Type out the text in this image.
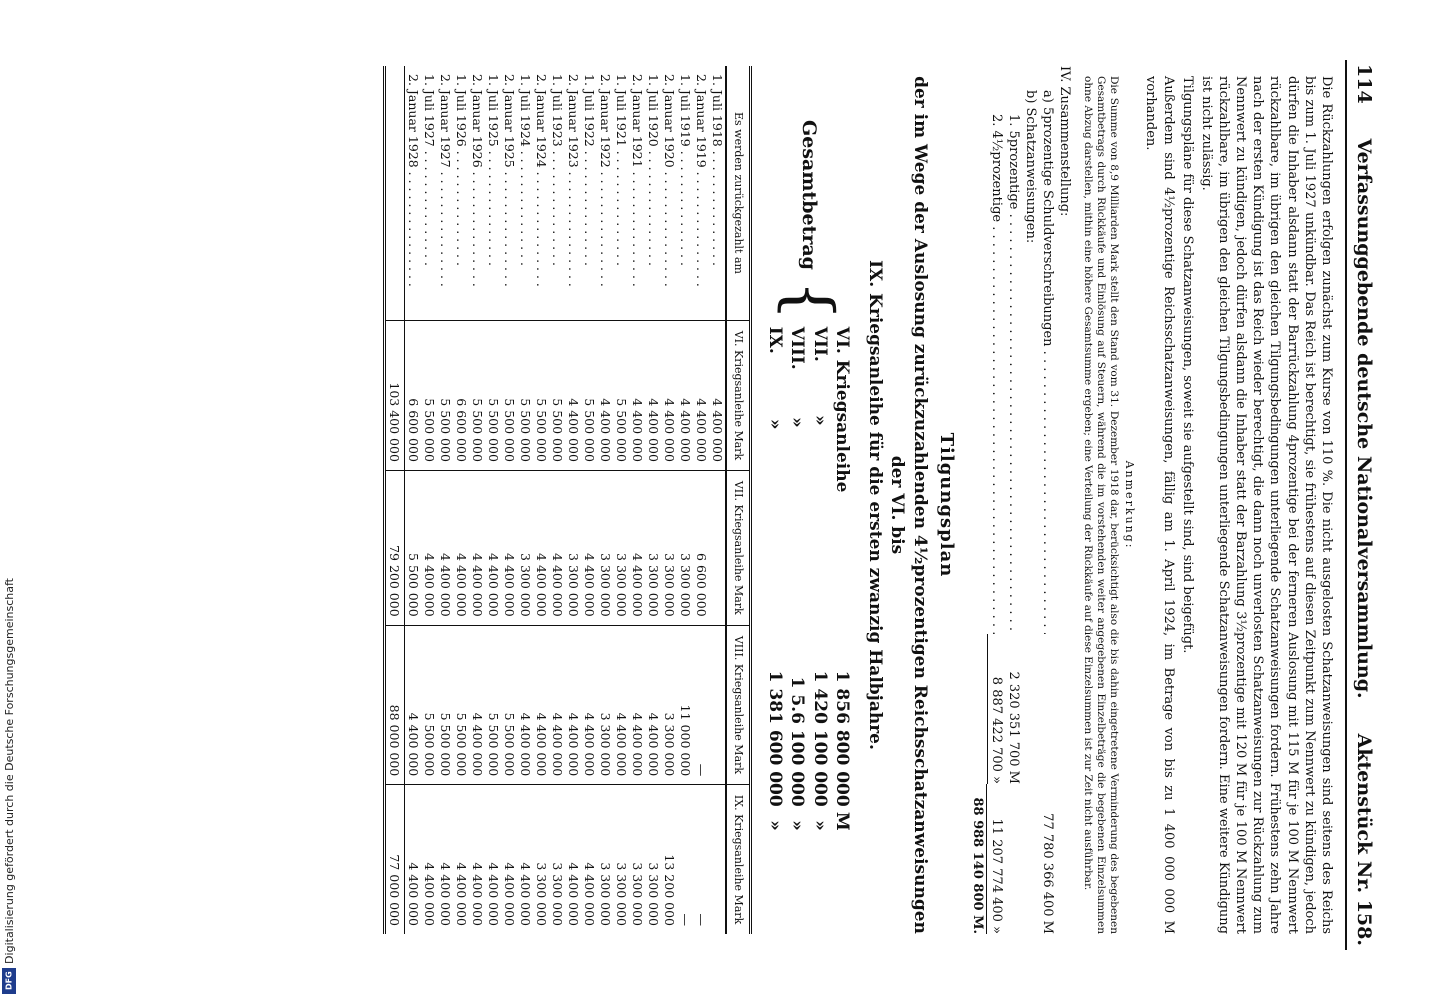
Digitalisierung gefördert durch die Deutsche Forschungsgemeinschaft
DFG
114
Verfassunggebende deutsche Nationalversammlung.
Aktenstück Nr. 158.

Die Rückzahlungen erfolgen zunächst zum Kurse von 110 %. Die nicht ausgelosten Schatzanweisungen sind seitens des Reichs bis zum 1. Juli 1927 unkündbar. Das Reich ist berechtigt, sie frühestens auf diesen Zeitpunkt zum Nennwert zu kündigen, jedoch dürfen die Inhaber alsdann statt der Barrückzahlung 4prozentige bei der ferneren Auslosung mit 115 M für je 100 M Nennwert rückzahlbare, im übrigen den gleichen Tilgungsbedingungen unterliegende Schatzanweisungen fordern. Frühestens zehn Jahre nach der ersten Kündigung ist das Reich wieder berechtigt, die dann noch unverlosten Schatzanweisungen zur Rückzahlung zum Nennwert zu kündigen, jedoch dürfen alsdann die Inhaber statt der Barzahlung 3½prozentige mit 120 M für je 100 M Nennwert rückzahlbare, im übrigen den gleichen Tilgungsbedingungen unterliegende Schatzanweisungen fordern. Eine weitere Kündigung ist nicht zulässig.

Tilgungspläne für diese Schatzanweisungen, soweit sie aufgestellt sind, sind beigefügt.

Außerdem sind 4½prozentige Reichsschatzanweisungen, fällig am 1. April 1924, im Betrage von bis zu 1 400 000 000 M vorhanden.

Anmerkung:

Die Summe von 8,9 Milliarden Mark stellt den Stand vom 31. Dezember 1918 dar, berücksichtigt also die bis dahin eingetretene Verminderung des begebenen Gesamtbetrags durch Rückkäufe und Einlösung auf Steuern, während die im vorstehenden weiter angegebenen Einzelbeträge die begebenen Einzelsummen ohne Abzug darstellen, mithin eine höhere Gesamtsumme ergeben; eine Verteilung der Rückkäufe auf diese Einzelsummen ist zur Zeit nicht ausführbar.

IV. Zusammenstellung:
a) 5prozentige Schuldverschreibungen . . .
77 780 366 400 M
b) Schatzanweisungen:
1. 5prozentige . . .
2 320 351 700 M
2. 4½prozentige . . .
8 887 422 700 »
11 207 774 400 »
88 988 140 800 M.
Tilgungsplan
der im Wege der Auslosung zurückzuzahlenden 4½prozentigen Reichsschatzanweisungen der VI. bis
IX. Kriegsanleihe für die ersten zwanzig Halbjahre.
Gesamtbetrag
{
VI. Kriegsanleihe
1 856 800 000
M
VII.         »
1 420 100 000
»
VIII.        »
1 5.6 100 000
»
IX.           »
1 381 600 000
»
Es werden zurückgezahlt am	VI. Kriegsanleihe Mark	VII. Kriegsanleihe Mark	VIII. Kriegsanleihe Mark	IX. Kriegsanleihe Mark
1. Juli 1918 . . .	4 400 000			
2. Januar 1919 . . .	4 400 000	6 600 000	—	—
1. Juli 1919 . . .	4 400 000	3 300 000	11 000 000	—
2. Januar 1920 . . .	4 400 000	3 300 000	3 300 000	13 200 000
1. Juli 1920 . . .	4 400 000	3 300 000	4 400 000	3 300 000
2. Januar 1921 . . .	4 400 000	4 400 000	4 400 000	3 300 000
1. Juli 1921 . . .	5 500 000	3 300 000	4 400 000	3 300 000
2. Januar 1922 . . .	4 400 000	3 300 000	3 300 000	3 300 000
1. Juli 1922 . . .	5 500 000	4 400 000	4 400 000	4 400 000
2. Januar 1923 . . .	4 400 000	3 300 000	4 400 000	4 400 000
1. Juli 1923 . . .	5 500 000	4 400 000	4 400 000	3 300 000
2. Januar 1924 . . .	5 500 000	4 400 000	4 400 000	3 300 000
1. Juli 1924 . . .	5 500 000	3 300 000	4 400 000	4 400 000
2. Januar 1925 . . .	5 500 000	4 400 000	5 500 000	4 400 000
1. Juli 1925 . . .	5 500 000	4 400 000	5 500 000	4 400 000
2. Januar 1926 . . .	5 500 000	4 400 000	4 400 000	4 400 000
1. Juli 1926 . . .	6 600 000	4 400 000	5 500 000	4 400 000
2. Januar 1927 . . .	5 500 000	4 400 000	5 500 000	4 400 000
1. Juli 1927 . . .	5 500 000	4 400 000	5 500 000	4 400 000
2. Januar 1928 . . .	6 600 000	5 500 000	4 400 000	4 400 000
	103 400 000	79 200 000	88 000 000	77 000 000
